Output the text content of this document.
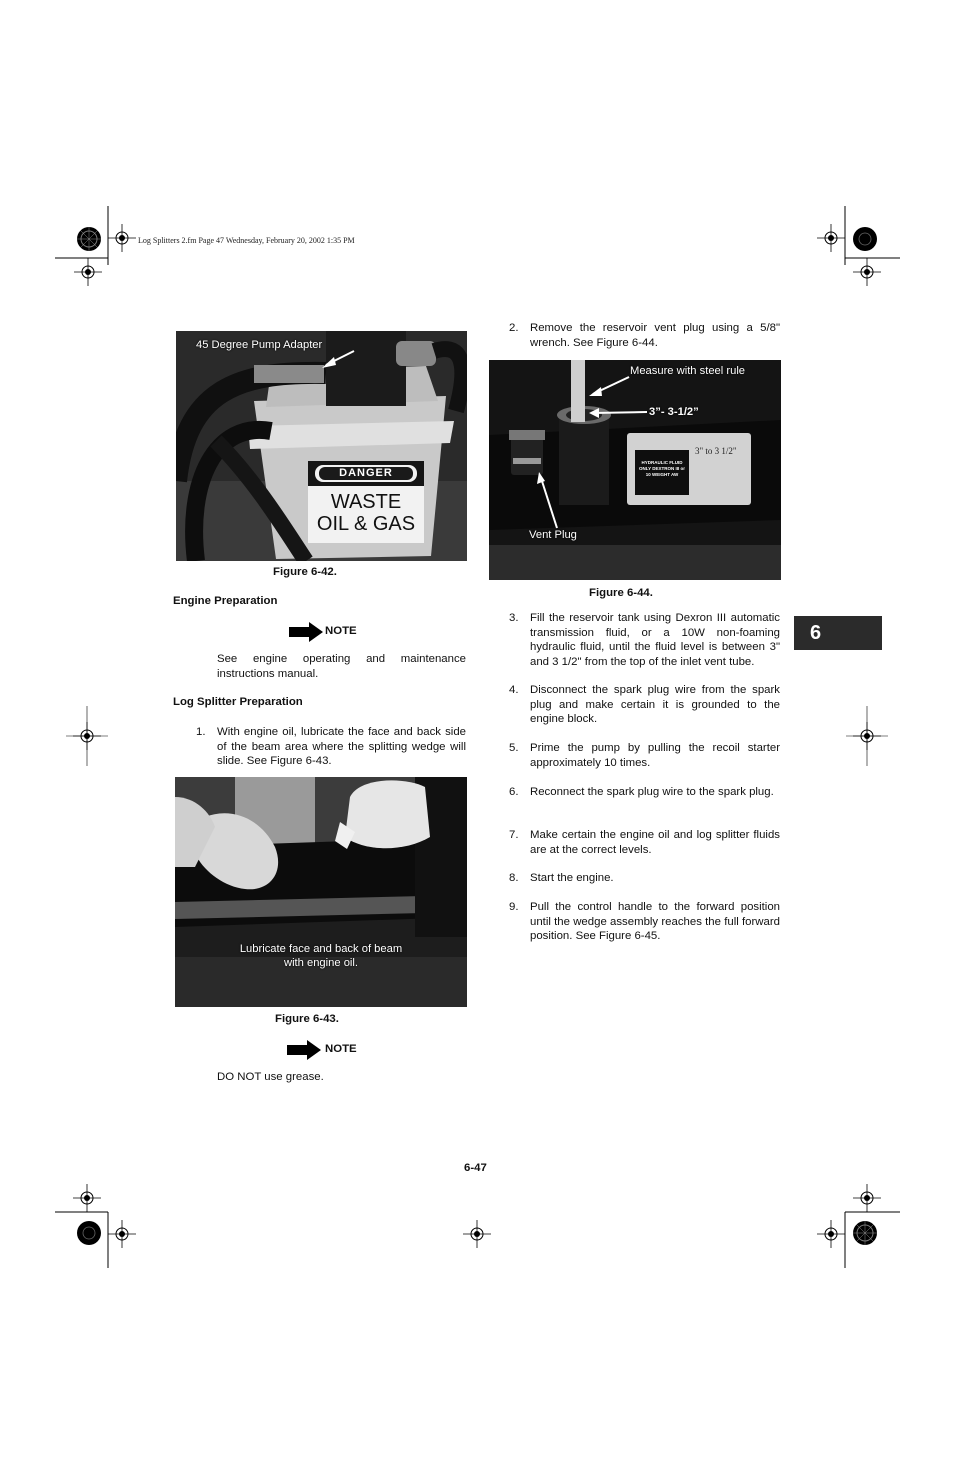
Log Splitters 2.fm Page 47 Wednesday, February 20, 2002 1:35 PM
45 Degree Pump Adapter
DANGER
WASTE
OIL & GAS
Figure 6-42.
Engine Preparation
NOTE
See engine operating and maintenance instructions manual.
Log Splitter Preparation
1. With engine oil, lubricate the face and back side of the beam area where the splitting wedge will slide. See Figure 6-43.
Lubricate face and back of beam
with engine oil.
Figure 6-43.
NOTE
DO NOT use grease.
2. Remove the reservoir vent plug using a 5/8" wrench. See Figure 6-44.
Measure with steel rule
3”- 3-1/2”
Vent Plug
HYDRAULIC FLUID ONLY DEXTRON III or 10 WEIGHT AW
3" to 3 1/2"
Figure 6-44.
3. Fill the reservoir tank using Dexron III automatic transmission fluid, or a 10W non-foaming hydraulic fluid, until the fluid level is between 3" and 3 1/2" from the top of the inlet vent tube.
4. Disconnect the spark plug wire from the spark plug and make certain it is grounded to the engine block.
5. Prime the pump by pulling the recoil starter approximately 10 times.
6. Reconnect the spark plug wire to the spark plug.
7. Make certain the engine oil and log splitter fluids are at the correct levels.
8. Start the engine.
9. Pull the control handle to the forward position until the wedge assembly reaches the full forward position. See Figure 6-45.
6
6-47
